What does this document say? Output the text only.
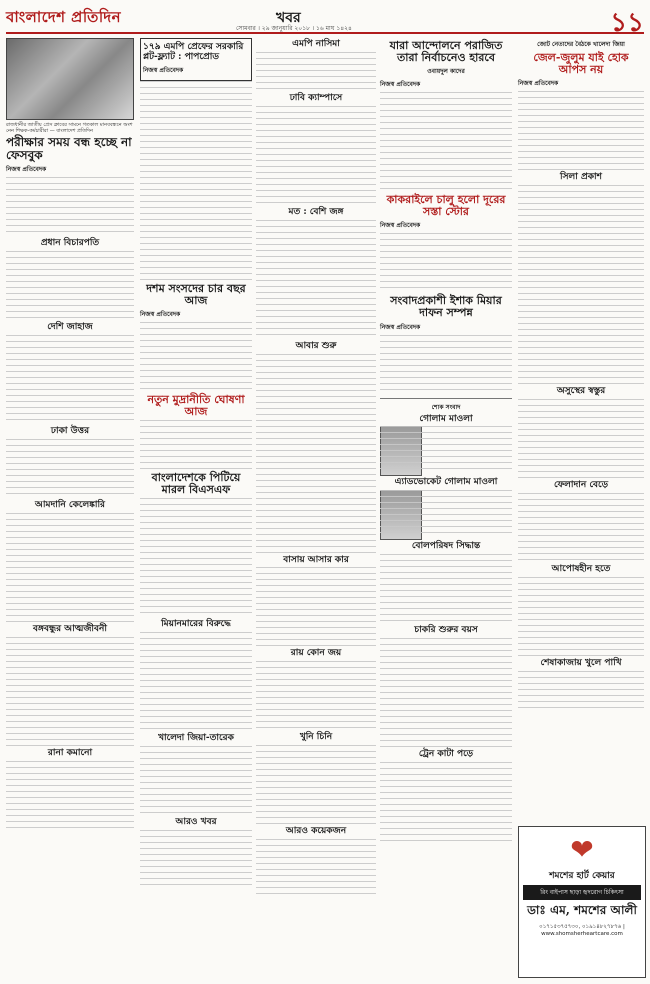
বাংলাদেশ প্রতিদিন	খবর
সোমবার । ২৯ জানুয়ারি ২০১৮ । ১৬ মাঘ ১৪২৪	১১

রাজধানীর জাতীয় প্রেস ক্লাবের সামনে গতকাল মানববন্ধনে অংশ নেন শিক্ষক-কর্মচারীরা — বাংলাদেশ প্রতিদিন

পরীক্ষার সময় বন্ধ হচ্ছে না ফেসবুক
নিজস্ব প্রতিবেদক
প্রধান বিচারপতি
দেশি জাহাজ
ঢাকা উত্তর
আমদানি কেলেঙ্কারি
বঙ্গবন্ধুর আত্মজীবনী
রানা কমানো
১৭৯ এমপি প্রেফের সরকারি প্লট-ফ্ল্যাট : পাপপ্রোড
নিজস্ব প্রতিবেদক
দশম সংসদের চার বছর আজ
নিজস্ব প্রতিবেদক
নতুন মুদ্রানীতি ঘোষণা আজ
বাংলাদেশকে পিটিয়ে মারল বিএসএফ
মিয়ানমারের বিরুদ্ধে
খালেদা জিয়া-তারেক
আরও খবর
এমপি নাসিমা
ঢাবি ক্যাম্পাসে
মত : বেশি জঙ্গ
আবার শুরু
বাসায় আসার কার
রায় কোন জয়
খুনি চিনি
আরও কয়েকজন
যারা আন্দোলনে পরাজিত তারা নির্বাচনেও হারবে
ওবায়দুল কাদের
নিজস্ব প্রতিবেদক
কাকরাইলে চালু হলো দূরের সস্তা স্টোর
নিজস্ব প্রতিবেদক
সংবাদপ্রকাশী ইশাক মিয়ার দাফন সম্পন্ন
নিজস্ব প্রতিবেদক
শোক সংবাদ
গোলাম মাওলা
এ্যাডভোকেট গোলাম মাওলা
বোলপরিষদ সিদ্ধান্ত
চাকরি শুরুর বয়স
ট্রেন কাটা পড়ে
জোট নেতাদের বৈঠকে খালেদা জিয়া
জেল-জুলুম যাই হোক আপস নয়
নিজস্ব প্রতিবেদক
সিলা প্রকাশ
অসুস্থের স্বস্তুর
ফেলাদান বেড়ে
আপোষহীন হতে
শেষাকাজায় খুলে পাখি
❤
শমশের হার্ট কেয়ার
রিং বাইপাস ছাড়া হৃদরোগ চিকিৎসা
ডাঃ এম, শমশের আলী
০১৭১৫৩৭৫৭৩০, ০১৯১৪৮২৭৮৭৬ | www.shomsherheartcare.com
